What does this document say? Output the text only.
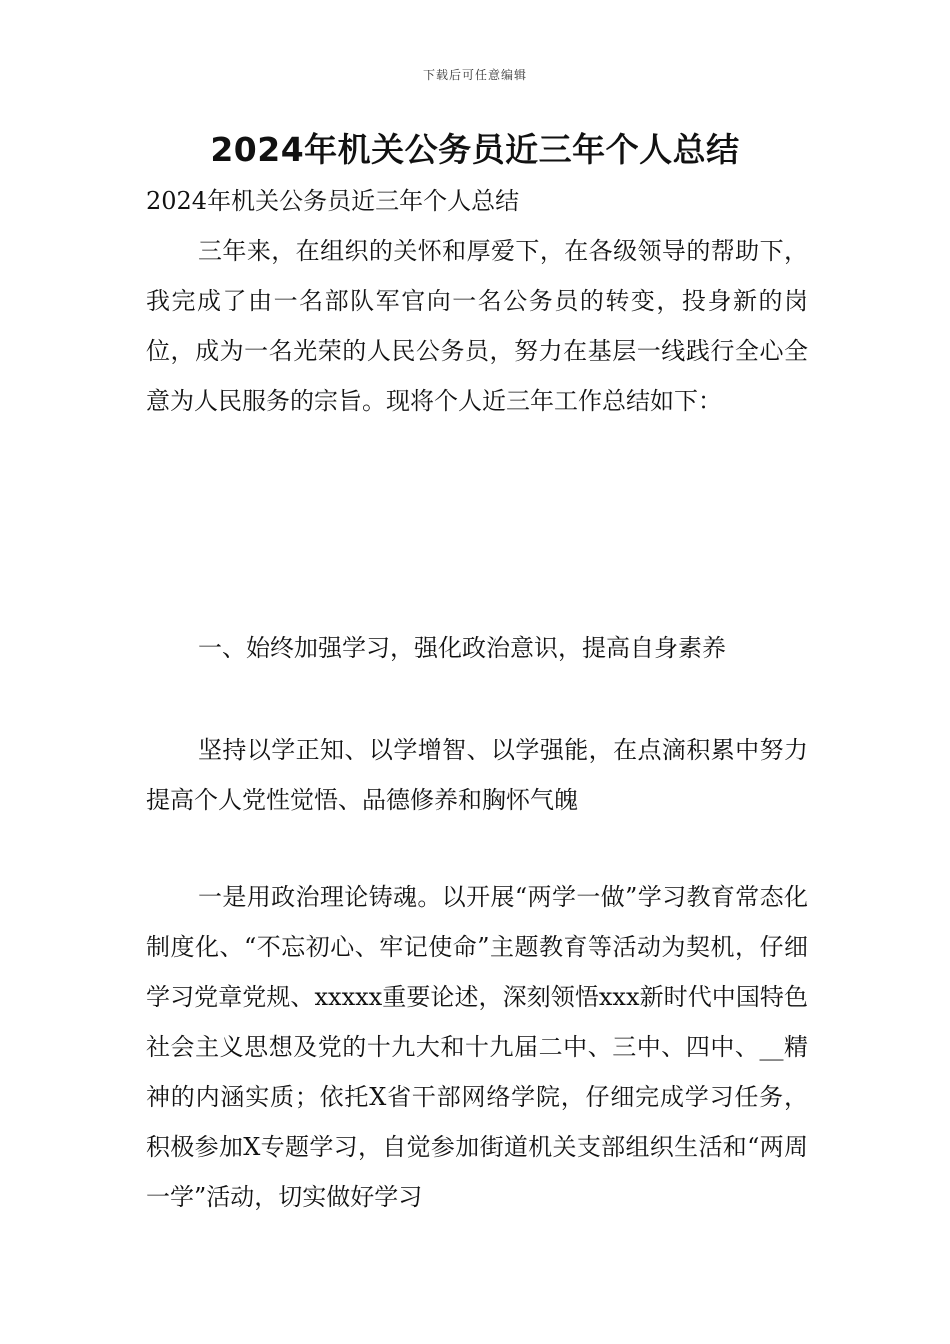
下载后可任意编辑
2024年机关公务员近三年个人总结

2024年机关公务员近三年个人总结

三年来，在组织的关怀和厚爱下，在各级领导的帮助下，我完成了由一名部队军官向一名公务员的转变，投身新的岗位，成为一名光荣的人民公务员，努力在基层一线践行全心全意为人民服务的宗旨。现将个人近三年工作总结如下：

一、始终加强学习，强化政治意识，提高自身素养

坚持以学正知、以学增智、以学强能，在点滴积累中努力提高个人党性觉悟、品德修养和胸怀气魄

一是用政治理论铸魂。以开展“两学一做”学习教育常态化制度化、“不忘初心、牢记使命”主题教育等活动为契机，仔细学习党章党规、xxxxx重要论述，深刻领悟xxx新时代中国特色社会主义思想及党的十九大和十九届二中、三中、四中、__精神的内涵实质；依托X省干部网络学院，仔细完成学习任务，积极参加X专题学习，自觉参加街道机关支部组织生活和“两周一学”活动，切实做好学习
